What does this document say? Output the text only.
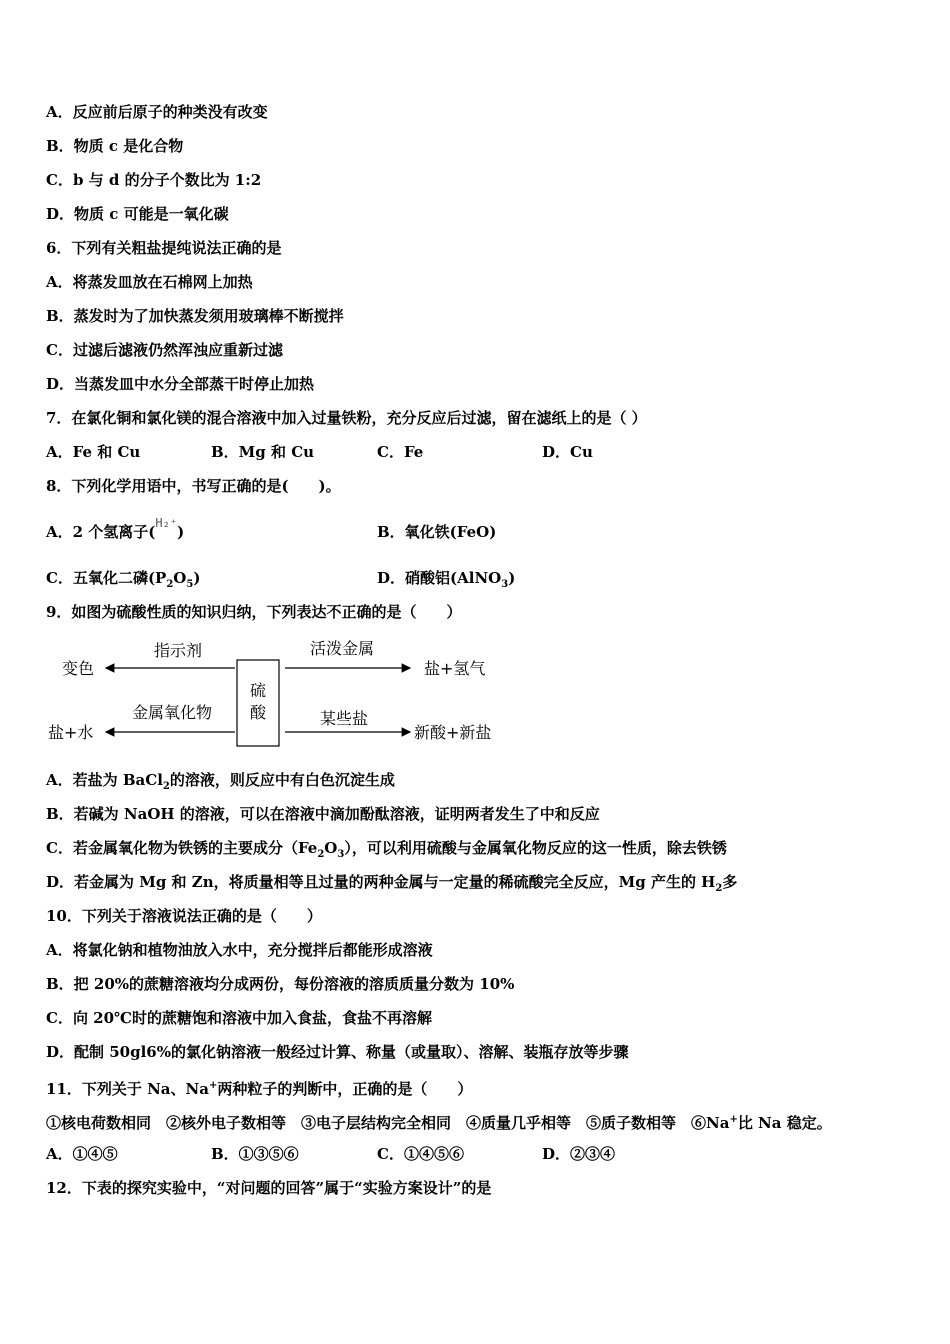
A．反应前后原子的种类没有改变
B．物质 c 是化合物
C．b 与 d 的分子个数比为 1:2
D．物质 c 可能是一氧化碳
6．下列有关粗盐提纯说法正确的是
A．将蒸发皿放在石棉网上加热
B．蒸发时为了加快蒸发须用玻璃棒不断搅拌
C．过滤后滤液仍然浑浊应重新过滤
D．当蒸发皿中水分全部蒸干时停止加热
7．在氯化铜和氯化镁的混合溶液中加入过量铁粉，充分反应后过滤，留在滤纸上的是（ ）
A．Fe 和 Cu	B．Mg 和 Cu	C．Fe	D．Cu
8．下列化学用语中，书写正确的是(　　)。
A．2 个氢离子(H₂⁺)	B．氧化铁(FeO)
C．五氧化二磷$(P_2O_5)$	D．硝酸铝(AlNO$_3$)
9．如图为硫酸性质的知识归纳，下列表达不正确的是（　　）
硫
酸
指示剂
变色
活泼金属
盐+氢气
金属氧化物
盐+水
某些盐
新酸+新盐
A．若盐为 BaCl$_2$的溶液，则反应中有白色沉淀生成
B．若碱为 NaOH 的溶液，可以在溶液中滴加酚酞溶液，证明两者发生了中和反应
C．若金属氧化物为铁锈的主要成分$(Fe_2O_3)$，可以利用硫酸与金属氧化物反应的这一性质，除去铁锈
D．若金属为 Mg 和 Zn，将质量相等且过量的两种金属与一定量的稀硫酸完全反应，Mg 产生的 $H_2$多
10．下列关于溶液说法正确的是（　　）
A．将氯化钠和植物油放入水中，充分搅拌后都能形成溶液
B．把 20%的蔗糖溶液均分成两份，每份溶液的溶质质量分数为 10%
C．向 20℃时的蔗糖饱和溶液中加入食盐，食盐不再溶解
D．配制 50gl6%的氯化钠溶液一般经过计算、称量（或量取）、溶解、装瓶存放等步骤
11．下列关于 Na、Na+两种粒子的判断中，正确的是（　　）
①核电荷数相同　②核外电子数相等　③电子层结构完全相同　④质量几乎相等　⑤质子数相等　⑥Na+比 Na 稳定。
A．①④⑤	B．①③⑤⑥	C．①④⑤⑥	D．②③④
12．下表的探究实验中，“对问题的回答”属于“实验方案设计”的是
